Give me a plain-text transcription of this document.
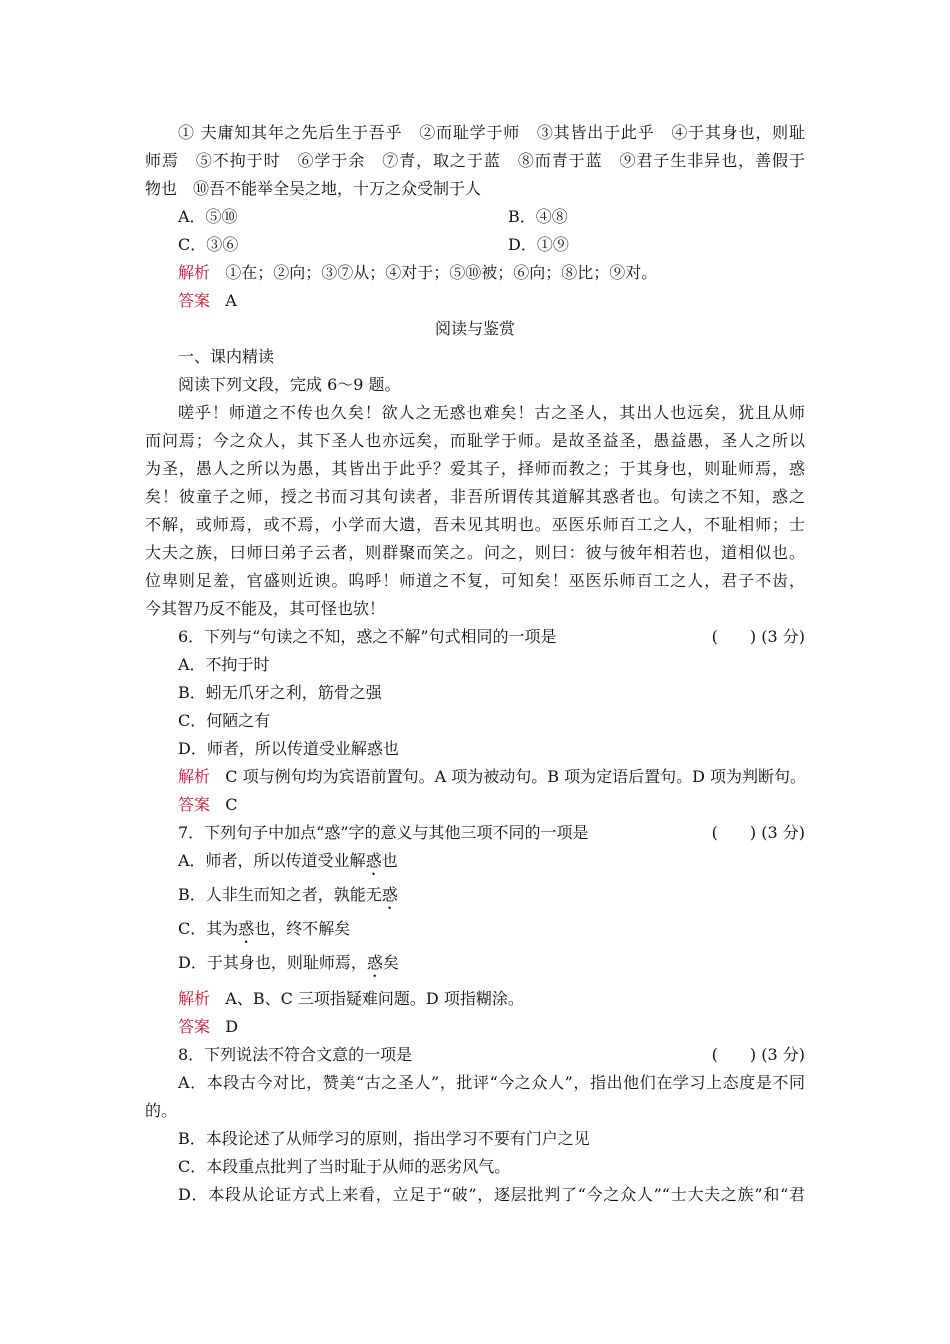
① 夫庸知其年之先后生于吾乎　②而耻学于师　③其皆出于此乎　④于其身也，则耻
师焉　⑤不拘于时　⑥学于余　⑦青，取之于蓝　⑧而青于蓝　⑨君子生非异也，善假于
物也　⑩吾不能举全吴之地，十万之众受制于人
A．⑤⑩	B．④⑧
C．③⑥	D．①⑨
解析 ①在；②向；③⑦从；④对于；⑤⑩被；⑥向；⑧比；⑨对。
答案 A
阅读与鉴赏
一、课内精读
阅读下列文段，完成 6～9 题。
嗟乎！师道之不传也久矣！欲人之无惑也难矣！古之圣人，其出人也远矣，犹且从师
而问焉；今之众人，其下圣人也亦远矣，而耻学于师。是故圣益圣，愚益愚，圣人之所以
为圣，愚人之所以为愚，其皆出于此乎？爱其子，择师而教之；于其身也，则耻师焉，惑
矣！彼童子之师，授之书而习其句读者，非吾所谓传其道解其惑者也。句读之不知，惑之
不解，或师焉，或不焉，小学而大遗，吾未见其明也。巫医乐师百工之人，不耻相师；士
大夫之族，曰师曰弟子云者，则群聚而笑之。问之，则曰：彼与彼年相若也，道相似也。
位卑则足羞，官盛则近谀。呜呼！师道之不复，可知矣！巫医乐师百工之人，君子不齿，
今其智乃反不能及，其可怪也欤！
6．下列与“句读之不知，惑之不解”句式相同的一项是	(　　) (3 分)
A．不拘于时
B．蚓无爪牙之利，筋骨之强
C．何陋之有
D．师者，所以传道受业解惑也
解析 C 项与例句均为宾语前置句。A 项为被动句。B 项为定语后置句。D 项为判断句。
答案 C
7．下列句子中加点“惑”字的意义与其他三项不同的一项是	(　　) (3 分)
A．师者，所以传道受业解惑也
B．人非生而知之者，孰能无惑
C．其为惑也，终不解矣
D．于其身也，则耻师焉，惑矣
解析 A、B、C 三项指疑难问题。D 项指糊涂。
答案 D
8．下列说法不符合文意的一项是	(　　) (3 分)
A．本段古今对比，赞美“古之圣人”，批评“今之众人”，指出他们在学习上态度是不同
的。
B．本段论述了从师学习的原则，指出学习不要有门户之见
C．本段重点批判了当时耻于从师的恶劣风气。
D．本段从论证方式上来看，立足于“破”，逐层批判了“今之众人”“士大夫之族”和“君
